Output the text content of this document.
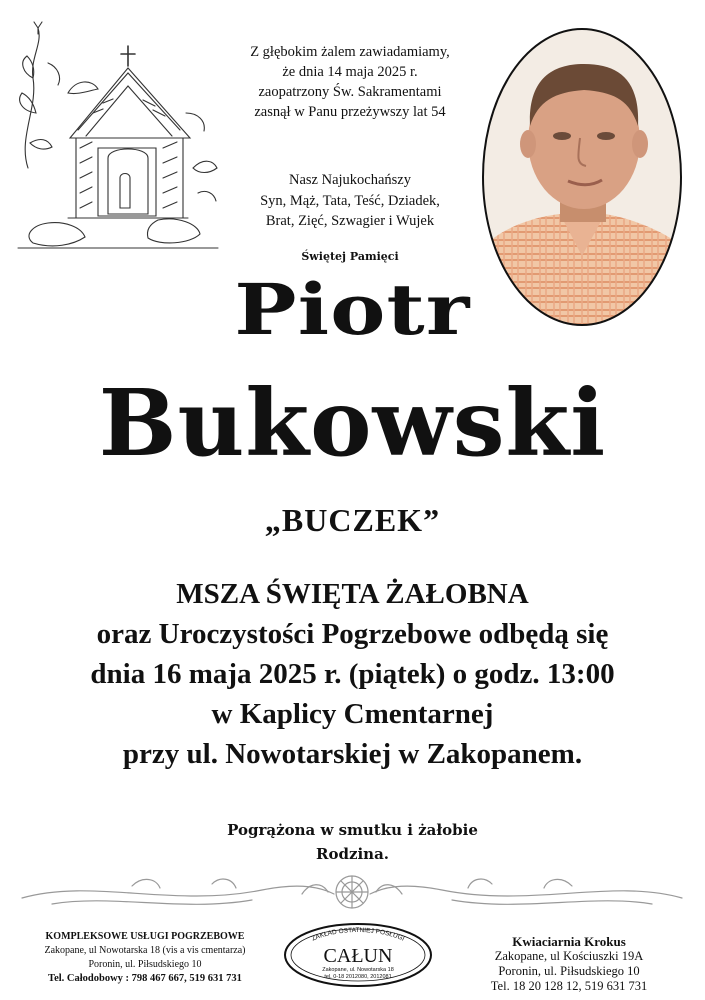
Z głębokim żalem zawiadamiamy,
że dnia 14 maja 2025 r.
zaopatrzony Św. Sakramentami
zasnął w Panu przeżywszy lat 54
Nasz Najukochańszy
Syn, Mąż, Tata, Teść, Dziadek,
Brat, Zięć, Szwagier i Wujek
Świętej Pamięci
Piotr
Bukowski
„BUCZEK”
MSZA ŚWIĘTA ŻAŁOBNA
oraz Uroczystości Pogrzebowe odbędą się
dnia 16 maja 2025 r. (piątek) o godz. 13:00
w Kaplicy Cmentarnej
przy ul. Nowotarskiej w Zakopanem.
Pogrążona w smutku i żałobie
Rodzina.
KOMPLEKSOWE USŁUGI POGRZEBOWE
Zakopane, ul Nowotarska 18 (vis a vis cmentarza)
Poronin, ul. Piłsudskiego 10
Tel. Całodobowy : 798 467 667, 519 631 731
ZAKŁAD OSTATNIEJ POSŁUGI
CAŁUN
Zakopane, ul. Nowotarska 18
tel. 0-18 2012080, 2012081
Kwiaciarnia Krokus
Zakopane, ul Kościuszki 19A
Poronin, ul. Piłsudskiego 10
Tel. 18 20 128 12, 519 631 731
